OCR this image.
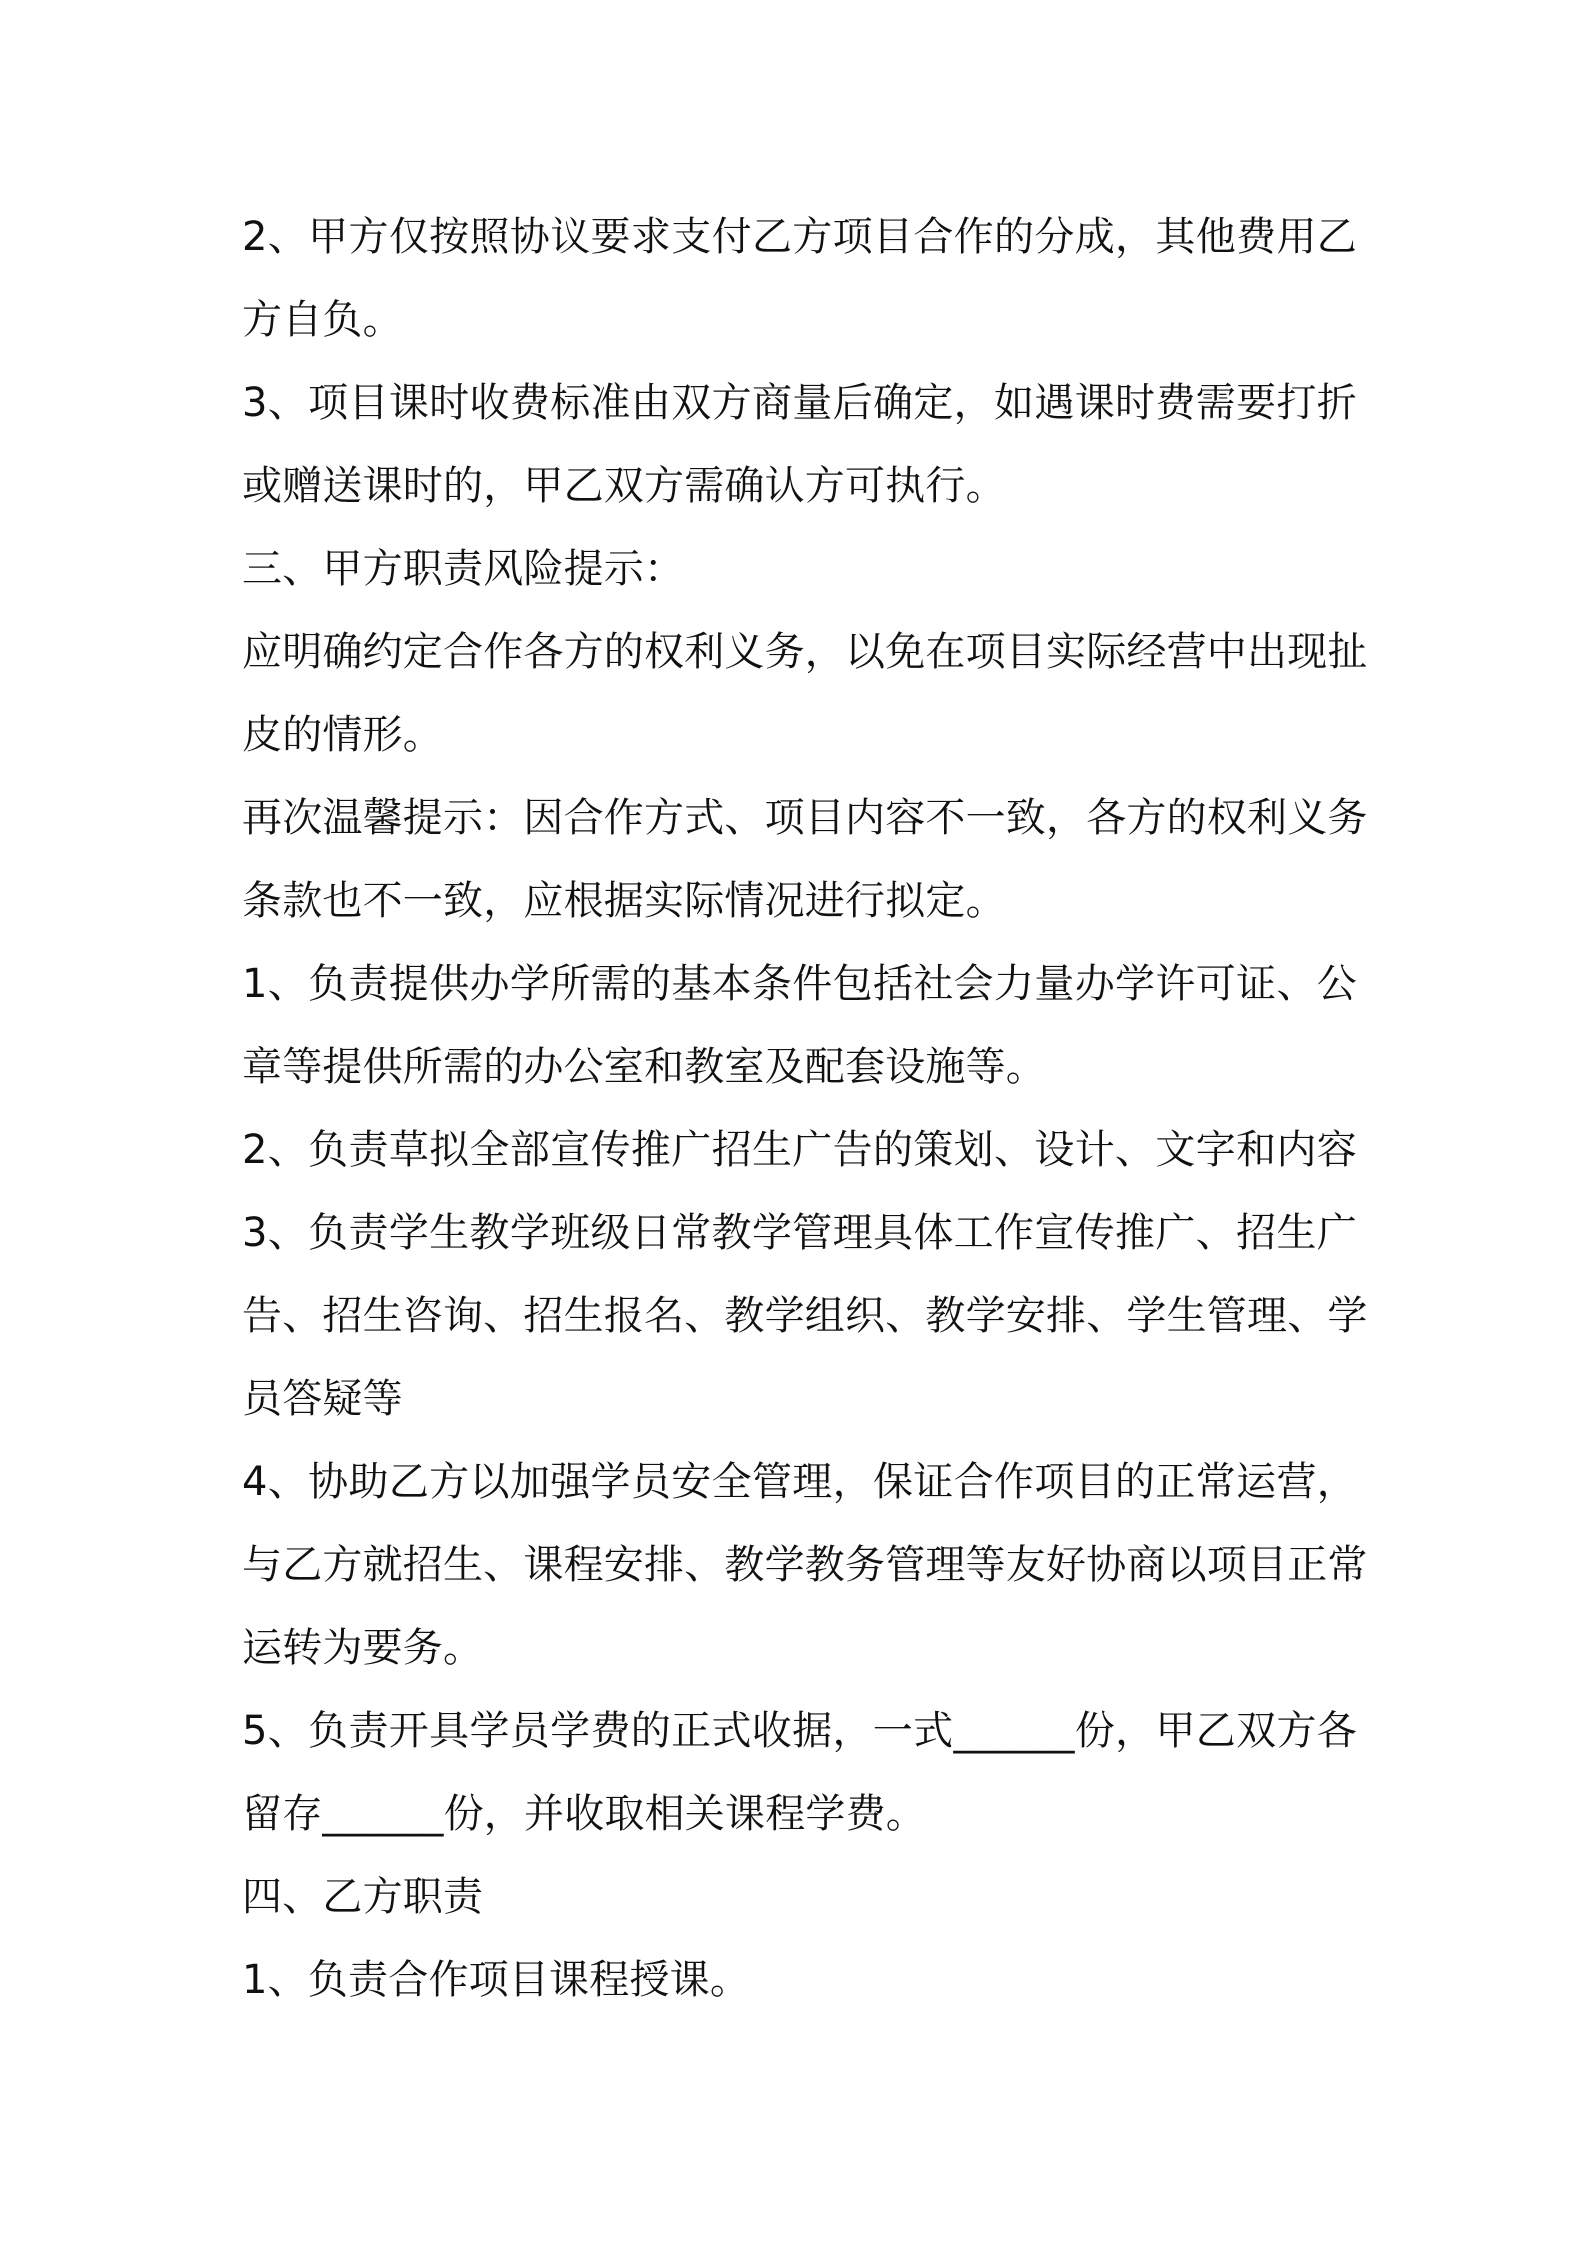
2、甲方仅按照协议要求支付乙方项目合作的分成，其他费用乙
方自负。
3、项目课时收费标准由双方商量后确定，如遇课时费需要打折
或赠送课时的，甲乙双方需确认方可执行。
三、甲方职责风险提示：
应明确约定合作各方的权利义务，以免在项目实际经营中出现扯
皮的情形。
再次温馨提示：因合作方式、项目内容不一致，各方的权利义务
条款也不一致，应根据实际情况进行拟定。
1、负责提供办学所需的基本条件包括社会力量办学许可证、公
章等提供所需的办公室和教室及配套设施等。
2、负责草拟全部宣传推广招生广告的策划、设计、文字和内容
3、负责学生教学班级日常教学管理具体工作宣传推广、招生广
告、招生咨询、招生报名、教学组织、教学安排、学生管理、学
员答疑等
4、协助乙方以加强学员安全管理，保证合作项目的正常运营，
与乙方就招生、课程安排、教学教务管理等友好协商以项目正常
运转为要务。
5、负责开具学员学费的正式收据，一式______份，甲乙双方各
留存______份，并收取相关课程学费。
四、乙方职责
1、负责合作项目课程授课。
